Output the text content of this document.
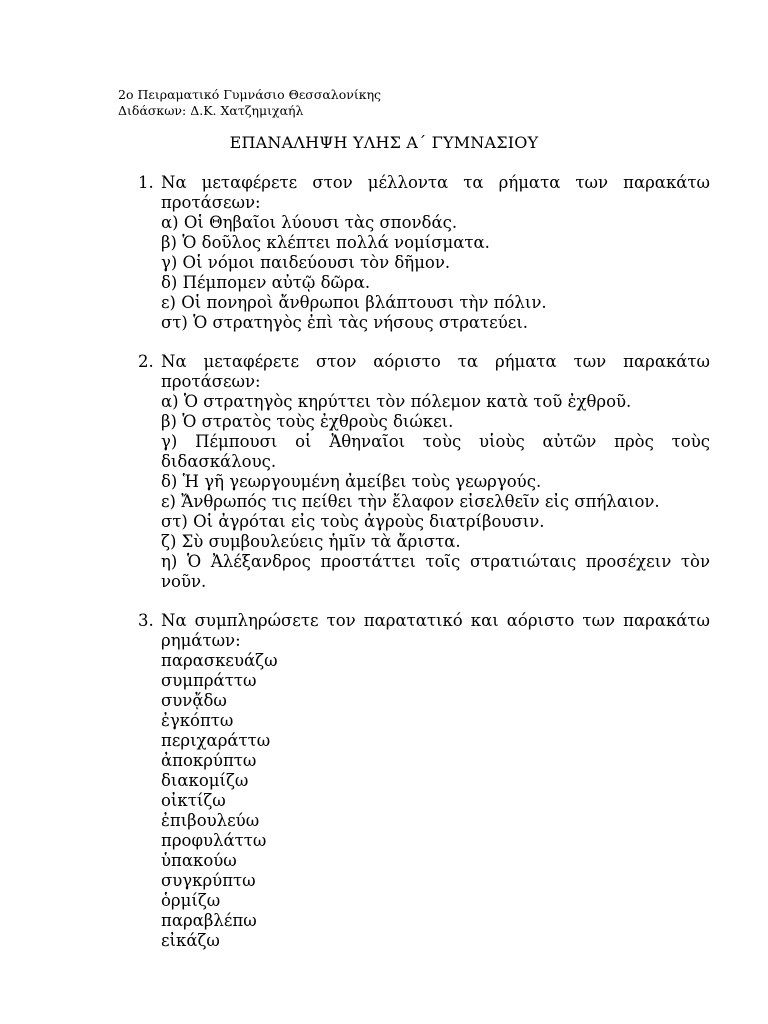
2ο Πειραματικό Γυμνάσιο Θεσσαλονίκης
Διδάσκων: Δ.Κ. Χατζημιχαήλ
ΕΠΑΝΑΛΗΨΗ ΥΛΗΣ Α΄ ΓΥΜΝΑΣΙΟΥ
1. Να μεταφέρετε στον μέλλοντα τα ρήματα των παρακάτω προτάσεων:
α) Οἱ Θηβαῖοι λύουσι τὰς σπονδάς.
β) Ὁ δοῦλος κλέπτει πολλά νομίσματα.
γ) Οἱ νόμοι παιδεύουσι τὸν δῆμον.
δ) Πέμπομεν αὐτῷ δῶρα.
ε) Οἱ πονηροὶ ἄνθρωποι βλάπτουσι τὴν πόλιν.
στ) Ὁ στρατηγὸς ἐπὶ τὰς νήσους στρατεύει.
2. Να μεταφέρετε στον αόριστο τα ρήματα των παρακάτω προτάσεων:
α) Ὁ στρατηγὸς κηρύττει τὸν πόλεμον κατὰ τοῦ ἐχθροῦ.
β) Ὁ στρατὸς τοὺς ἐχθροὺς διώκει.
γ) Πέμπουσι οἱ Ἀθηναῖοι τοὺς υἱοὺς αὐτῶν πρὸς τοὺς διδασκάλους.
δ) Ἡ γῆ γεωργουμένη ἀμείβει τοὺς γεωργούς.
ε) Ἄνθρωπός τις πείθει τὴν ἔλαφον εἰσελθεῖν εἰς σπήλαιον.
στ) Οἱ ἀγρόται εἰς τοὺς ἀγροὺς διατρίβουσιν.
ζ) Σὺ συμβουλεύεις ἡμῖν τὰ ἄριστα.
η) Ὁ Ἀλέξανδρος προστάττει τοῖς στρατιώταις προσέχειν τὸν νοῦν.
3. Να συμπληρώσετε τον παρατατικό και αόριστο των παρακάτω ρημάτων:
παρασκευάζω
συμπράττω
συνᾄδω
ἐγκόπτω
περιχαράττω
ἀποκρύπτω
διακομίζω
οἰκτίζω
ἐπιβουλεύω
προφυλάττω
ὑπακούω
συγκρύπτω
ὁρμίζω
παραβλέπω
εἰκάζω
